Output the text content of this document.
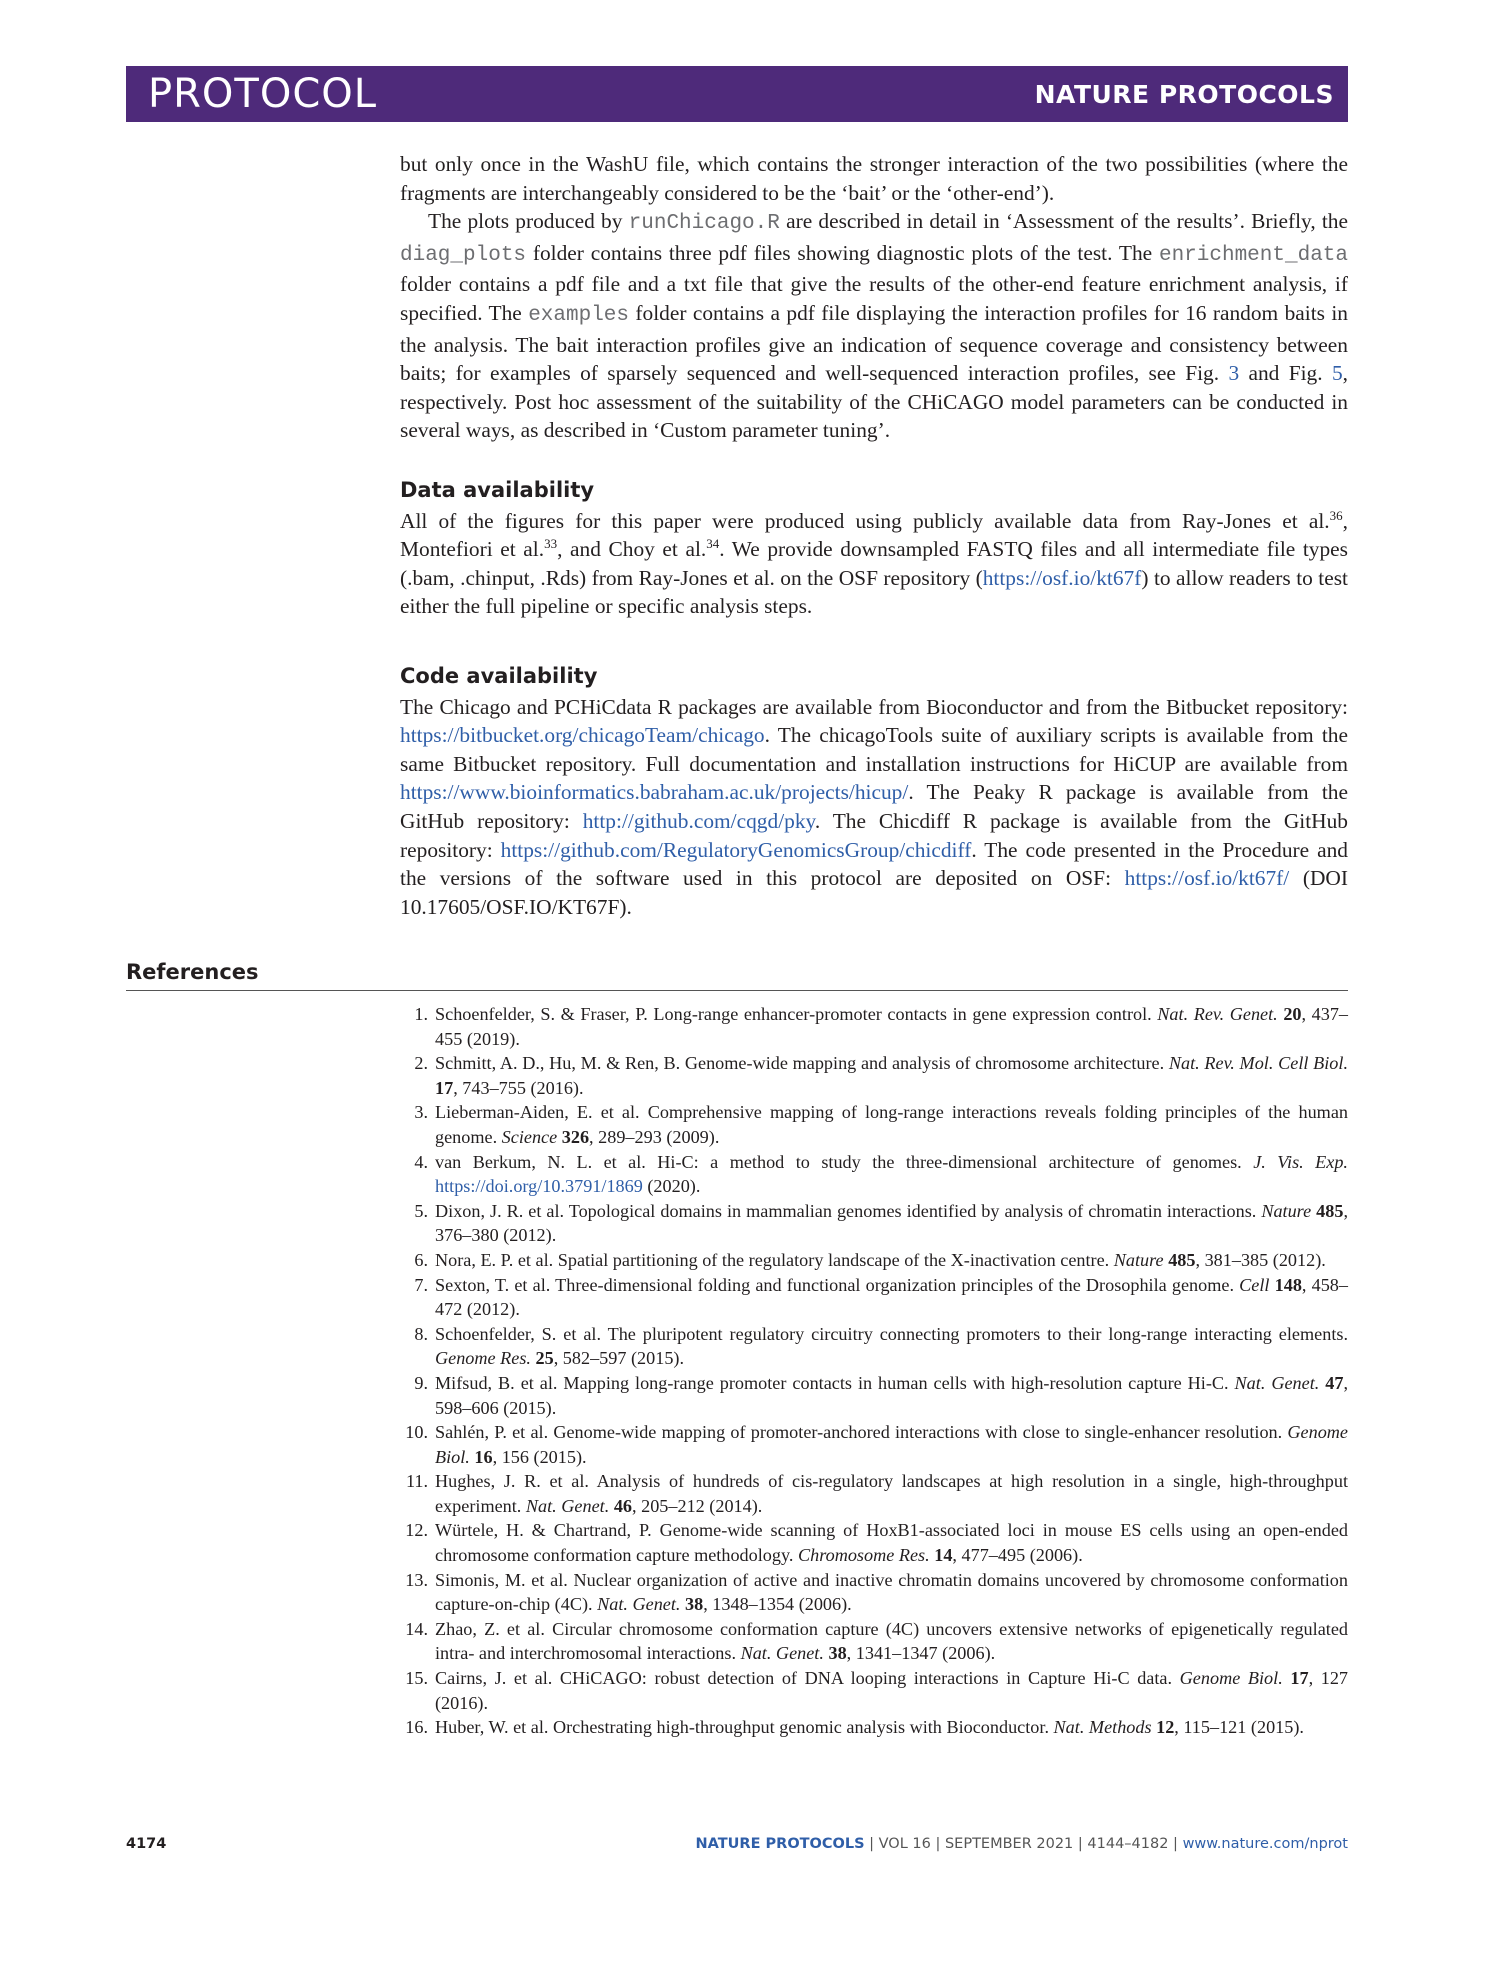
PROTOCOL	NATURE PROTOCOLS

but only once in the WashU file, which contains the stronger interaction of the two possibilities (where the fragments are interchangeably considered to be the ‘bait’ or the ‘other-end’).

The plots produced by runChicago.R are described in detail in ‘Assessment of the results’. Briefly, the diag_plots folder contains three pdf files showing diagnostic plots of the test. The enrichment_data folder contains a pdf file and a txt file that give the results of the other-end feature enrichment analysis, if specified. The examples folder contains a pdf file displaying the interaction profiles for 16 random baits in the analysis. The bait interaction profiles give an indication of sequence coverage and consistency between baits; for examples of sparsely sequenced and well-sequenced interaction profiles, see Fig. 3 and Fig. 5, respectively. Post hoc assessment of the suitability of the CHiCAGO model parameters can be conducted in several ways, as described in ‘Custom parameter tuning’.

Data availability

All of the figures for this paper were produced using publicly available data from Ray-Jones et al.$^{36}$, Montefiori et al.$^{33}$, and Choy et al.$^{34}$. We provide downsampled FASTQ files and all intermediate file types (.bam, .chinput, .Rds) from Ray-Jones et al. on the OSF repository (https://osf.io/kt67f) to allow readers to test either the full pipeline or specific analysis steps.

Code availability

The Chicago and PCHiCdata R packages are available from Bioconductor and from the Bitbucket repository: https://bitbucket.org/chicagoTeam/chicago. The chicagoTools suite of auxiliary scripts is available from the same Bitbucket repository. Full documentation and installation instructions for HiCUP are available from https://www.bioinformatics.babraham.ac.uk/projects/hicup/. The Peaky R package is available from the GitHub repository: http://github.com/cqgd/pky. The Chicdiff R package is available from the GitHub repository: https://github.com/RegulatoryGenomicsGroup/chicdiff. The code presented in the Procedure and the versions of the software used in this protocol are deposited on OSF: https://osf.io/kt67f/ (DOI 10.17605/OSF.IO/KT67F).

References
1. Schoenfelder, S. & Fraser, P. Long-range enhancer-promoter contacts in gene expression control. Nat. Rev. Genet. 20, 437–455 (2019).
2. Schmitt, A. D., Hu, M. & Ren, B. Genome-wide mapping and analysis of chromosome architecture. Nat. Rev. Mol. Cell Biol. 17, 743–755 (2016).
3. Lieberman-Aiden, E. et al. Comprehensive mapping of long-range interactions reveals folding principles of the human genome. Science 326, 289–293 (2009).
4. van Berkum, N. L. et al. Hi-C: a method to study the three-dimensional architecture of genomes. J. Vis. Exp. https://doi.org/10.3791/1869 (2020).
5. Dixon, J. R. et al. Topological domains in mammalian genomes identified by analysis of chromatin interactions. Nature 485, 376–380 (2012).
6. Nora, E. P. et al. Spatial partitioning of the regulatory landscape of the X-inactivation centre. Nature 485, 381–385 (2012).
7. Sexton, T. et al. Three-dimensional folding and functional organization principles of the Drosophila genome. Cell 148, 458–472 (2012).
8. Schoenfelder, S. et al. The pluripotent regulatory circuitry connecting promoters to their long-range interacting elements. Genome Res. 25, 582–597 (2015).
9. Mifsud, B. et al. Mapping long-range promoter contacts in human cells with high-resolution capture Hi-C. Nat. Genet. 47, 598–606 (2015).
10. Sahlén, P. et al. Genome-wide mapping of promoter-anchored interactions with close to single-enhancer resolution. Genome Biol. 16, 156 (2015).
11. Hughes, J. R. et al. Analysis of hundreds of cis-regulatory landscapes at high resolution in a single, high-throughput experiment. Nat. Genet. 46, 205–212 (2014).
12. Würtele, H. & Chartrand, P. Genome-wide scanning of HoxB1-associated loci in mouse ES cells using an open-ended chromosome conformation capture methodology. Chromosome Res. 14, 477–495 (2006).
13. Simonis, M. et al. Nuclear organization of active and inactive chromatin domains uncovered by chromosome conformation capture-on-chip (4C). Nat. Genet. 38, 1348–1354 (2006).
14. Zhao, Z. et al. Circular chromosome conformation capture (4C) uncovers extensive networks of epigenetically regulated intra- and interchromosomal interactions. Nat. Genet. 38, 1341–1347 (2006).
15. Cairns, J. et al. CHiCAGO: robust detection of DNA looping interactions in Capture Hi-C data. Genome Biol. 17, 127 (2016).
16. Huber, W. et al. Orchestrating high-throughput genomic analysis with Bioconductor. Nat. Methods 12, 115–121 (2015).
4174	NATURE PROTOCOLS | VOL 16 | SEPTEMBER 2021 | 4144–4182 | www.nature.com/nprot
